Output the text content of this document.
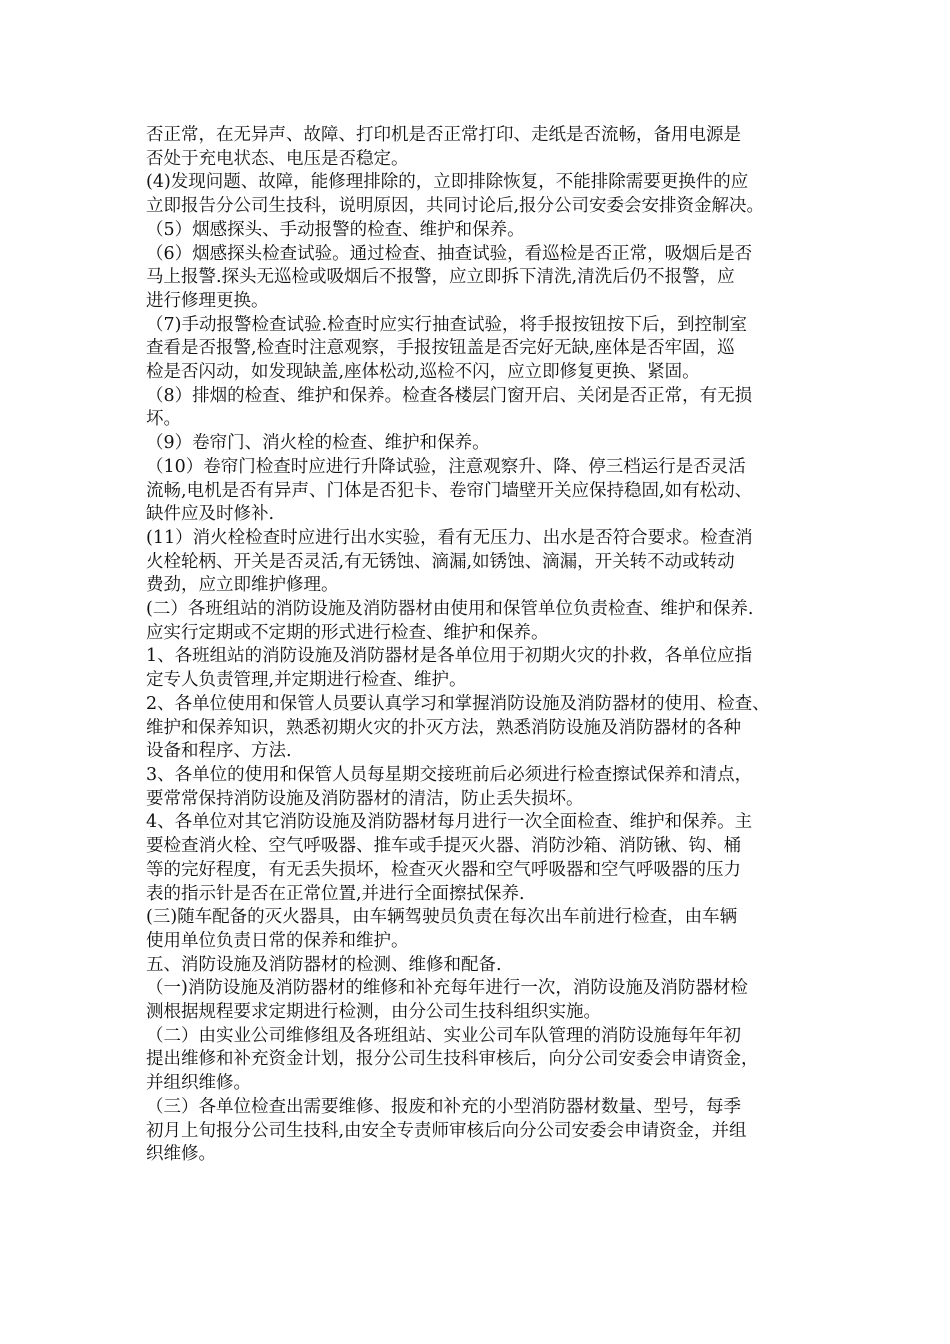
否正常，在无异声、故障、打印机是否正常打印、走纸是否流畅，备用电源是
否处于充电状态、电压是否稳定。
(4)发现问题、故障，能修理排除的，立即排除恢复，不能排除需要更换件的应
立即报告分公司生技科，说明原因，共同讨论后,报分公司安委会安排资金解决。
（5）烟感探头、手动报警的检查、维护和保养。
（6）烟感探头检查试验。通过检查、抽查试验，看巡检是否正常，吸烟后是否
马上报警.探头无巡检或吸烟后不报警，应立即拆下清洗,清洗后仍不报警，应
进行修理更换。
（7)手动报警检查试验.检查时应实行抽查试验，将手报按钮按下后，到控制室
查看是否报警,检查时注意观察，手报按钮盖是否完好无缺,座体是否牢固，巡
检是否闪动，如发现缺盖,座体松动,巡检不闪，应立即修复更换、紧固。
（8）排烟的检查、维护和保养。检查各楼层门窗开启、关闭是否正常，有无损
坏。
（9）卷帘门、消火栓的检查、维护和保养。
（10）卷帘门检查时应进行升降试验，注意观察升、降、停三档运行是否灵活
流畅,电机是否有异声、门体是否犯卡、卷帘门墙壁开关应保持稳固,如有松动、
缺件应及时修补.
(11）消火栓检查时应进行出水实验，看有无压力、出水是否符合要求。检查消
火栓轮柄、开关是否灵活,有无锈蚀、滴漏,如锈蚀、滴漏，开关转不动或转动
费劲，应立即维护修理。
(二）各班组站的消防设施及消防器材由使用和保管单位负责检查、维护和保养.
应实行定期或不定期的形式进行检查、维护和保养。
1、各班组站的消防设施及消防器材是各单位用于初期火灾的扑救，各单位应指
定专人负责管理,并定期进行检查、维护。
2、各单位使用和保管人员要认真学习和掌握消防设施及消防器材的使用、检查、
维护和保养知识，熟悉初期火灾的扑灭方法，熟悉消防设施及消防器材的各种
设备和程序、方法.
3、各单位的使用和保管人员每星期交接班前后必须进行检查擦试保养和清点，
要常常保持消防设施及消防器材的清洁，防止丢失损坏。
4、各单位对其它消防设施及消防器材每月进行一次全面检查、维护和保养。主
要检查消火栓、空气呼吸器、推车或手提灭火器、消防沙箱、消防锹、钩、桶
等的完好程度，有无丢失损坏，检查灭火器和空气呼吸器和空气呼吸器的压力
表的指示针是否在正常位置,并进行全面擦拭保养.
(三)随车配备的灭火器具，由车辆驾驶员负责在每次出车前进行检查，由车辆
使用单位负责日常的保养和维护。
五、消防设施及消防器材的检测、维修和配备.
（一)消防设施及消防器材的维修和补充每年进行一次，消防设施及消防器材检
测根据规程要求定期进行检测，由分公司生技科组织实施。
（二）由实业公司维修组及各班组站、实业公司车队管理的消防设施每年年初
提出维修和补充资金计划，报分公司生技科审核后，向分公司安委会申请资金，
并组织维修。
（三）各单位检查出需要维修、报废和补充的小型消防器材数量、型号，每季
初月上旬报分公司生技科,由安全专责师审核后向分公司安委会申请资金，并组
织维修。
